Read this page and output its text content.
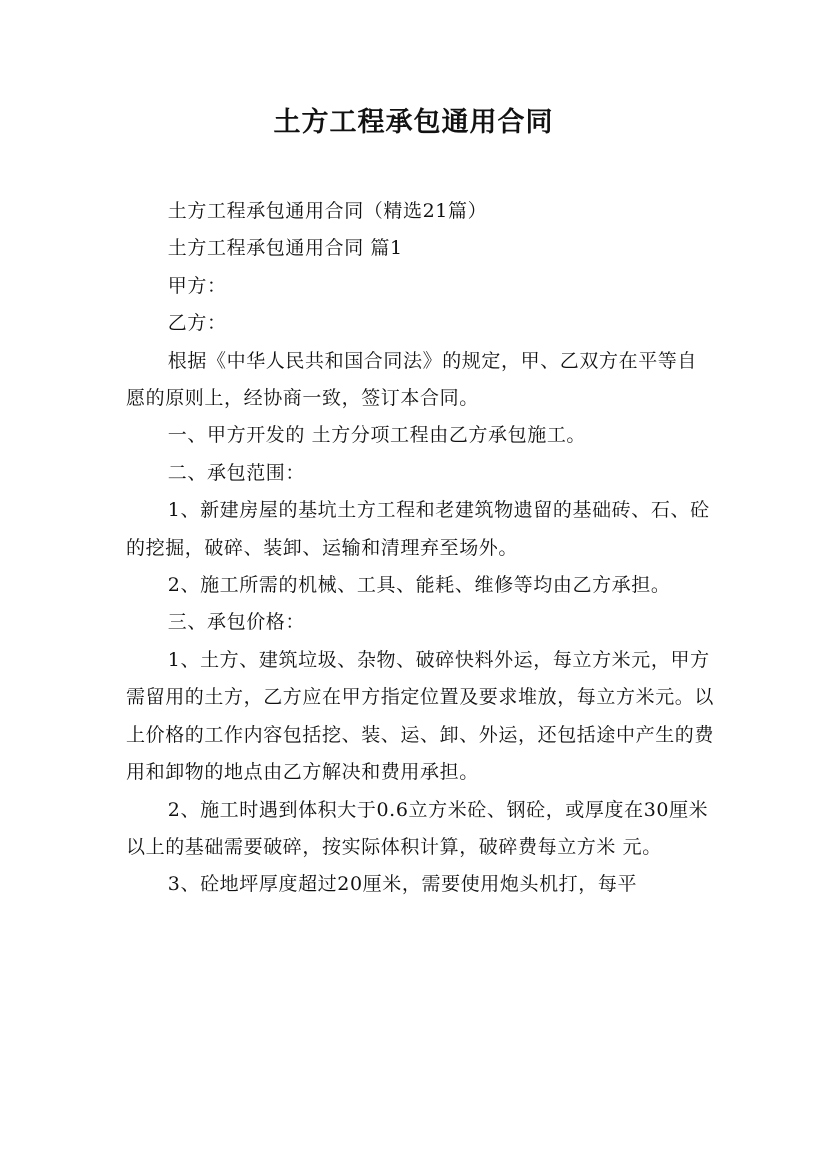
土方工程承包通用合同

土方工程承包通用合同（精选21篇）

土方工程承包通用合同 篇1

甲方：

乙方：

根据《中华人民共和国合同法》的规定，甲、乙双方在平等自愿的原则上，经协商一致，签订本合同。

一、甲方开发的 土方分项工程由乙方承包施工。

二、承包范围：

1、新建房屋的基坑土方工程和老建筑物遗留的基础砖、石、砼的挖掘，破碎、装卸、运输和清理弃至场外。

2、施工所需的机械、工具、能耗、维修等均由乙方承担。

三、承包价格：

1、土方、建筑垃圾、杂物、破碎快料外运，每立方米元，甲方需留用的土方，乙方应在甲方指定位置及要求堆放，每立方米元。以上价格的工作内容包括挖、装、运、卸、外运，还包括途中产生的费用和卸物的地点由乙方解决和费用承担。

2、施工时遇到体积大于0.6立方米砼、钢砼，或厚度在30厘米以上的基础需要破碎，按实际体积计算，破碎费每立方米 元。

3、砼地坪厚度超过20厘米，需要使用炮头机打，每平
